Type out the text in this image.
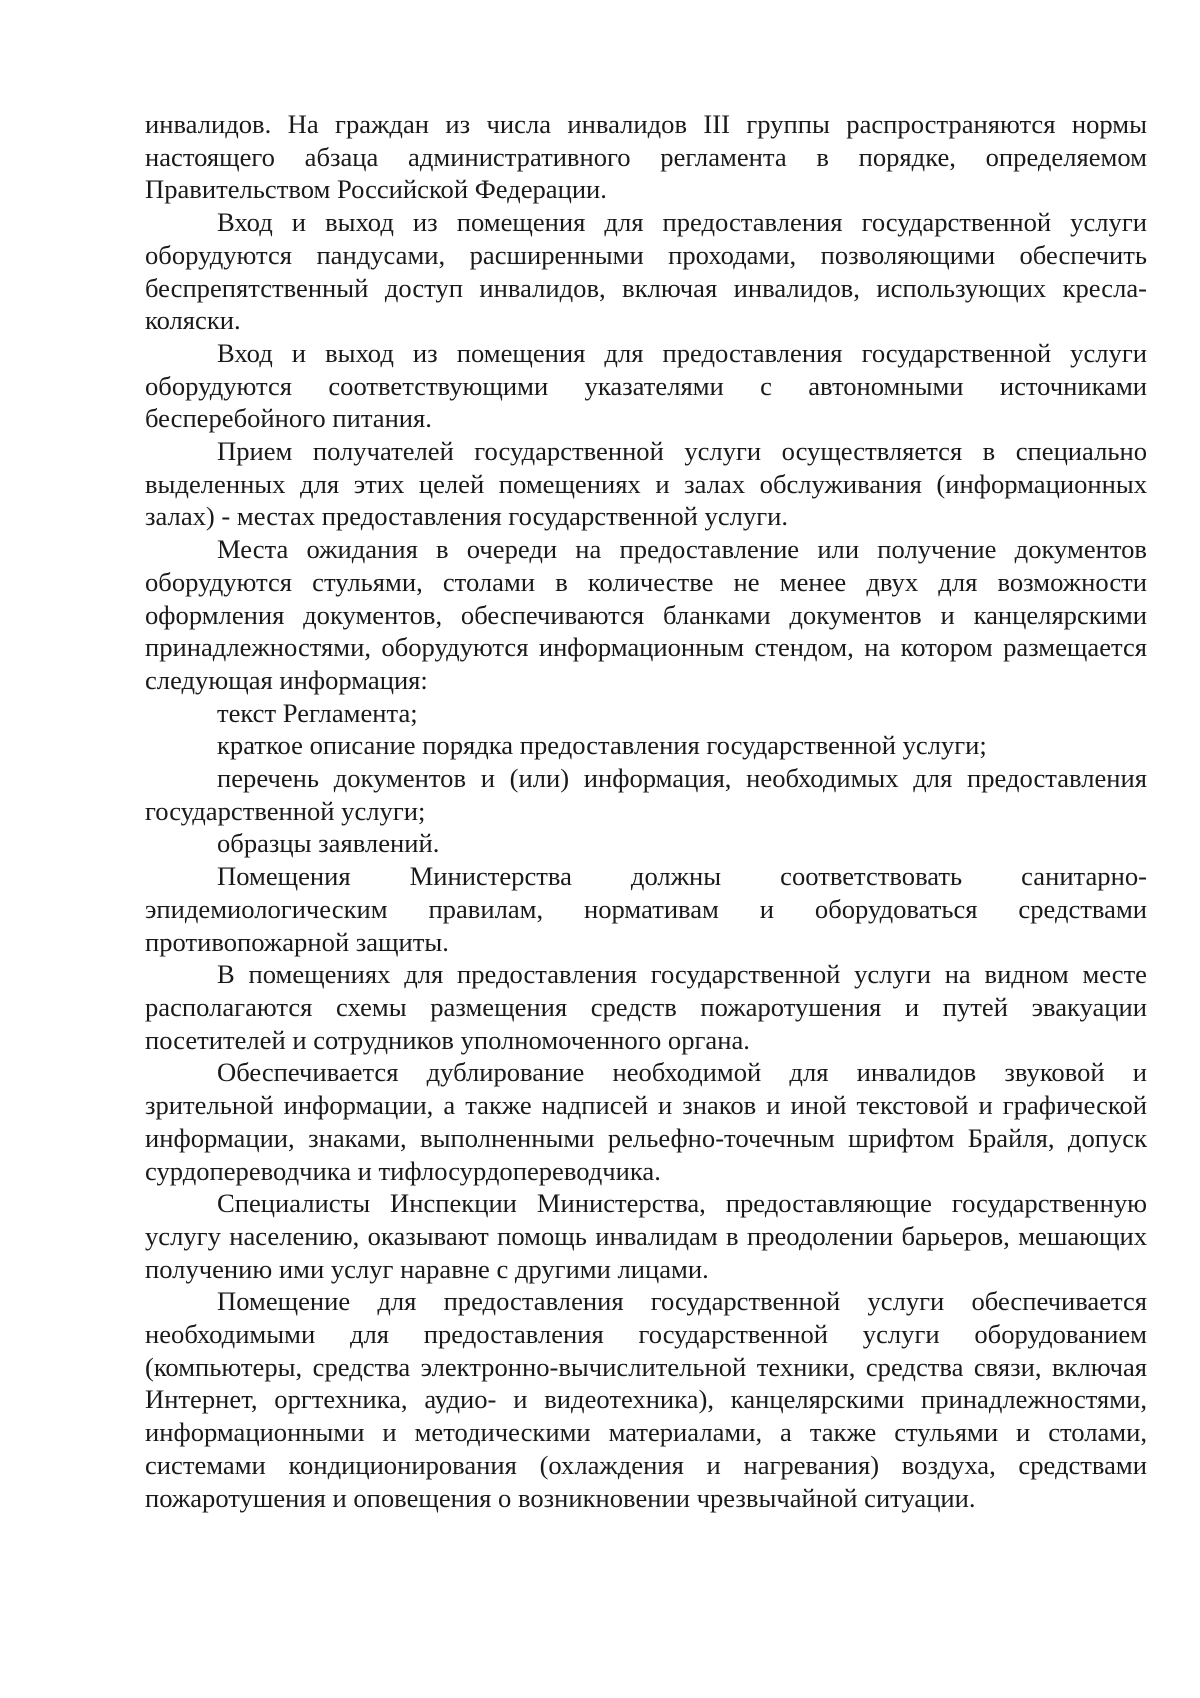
инвалидов. На граждан из числа инвалидов III группы распространяются нормы настоящего абзаца административного регламента в порядке, определяемом Правительством Российской Федерации.

Вход и выход из помещения для предоставления государственной услуги оборудуются пандусами, расширенными проходами, позволяющими обеспечить беспрепятственный доступ инвалидов, включая инвалидов, использующих кресла-коляски.

Вход и выход из помещения для предоставления государственной услуги оборудуются соответствующими указателями с автономными источниками бесперебойного питания.

Прием получателей государственной услуги осуществляется в специально выделенных для этих целей помещениях и залах обслуживания (информационных залах) - местах предоставления государственной услуги.

Места ожидания в очереди на предоставление или получение документов оборудуются стульями, столами в количестве не менее двух для возможности оформления документов, обеспечиваются бланками документов и канцелярскими принадлежностями, оборудуются информационным стендом, на котором размещается следующая информация:

текст Регламента;

краткое описание порядка предоставления государственной услуги;

перечень документов и (или) информация, необходимых для предоставления государственной услуги;

образцы заявлений.

Помещения Министерства должны соответствовать санитарно-эпидемиологическим правилам, нормативам и оборудоваться средствами противопожарной защиты.

В помещениях для предоставления государственной услуги на видном месте располагаются схемы размещения средств пожаротушения и путей эвакуации посетителей и сотрудников уполномоченного органа.

Обеспечивается дублирование необходимой для инвалидов звуковой и зрительной информации, а также надписей и знаков и иной текстовой и графической информации, знаками, выполненными рельефно-точечным шрифтом Брайля, допуск сурдопереводчика и тифлосурдопереводчика.

Специалисты Инспекции Министерства, предоставляющие государственную услугу населению, оказывают помощь инвалидам в преодолении барьеров, мешающих получению ими услуг наравне с другими лицами.

Помещение для предоставления государственной услуги обеспечивается необходимыми для предоставления государственной услуги оборудованием (компьютеры, средства электронно-вычислительной техники, средства связи, включая Интернет, оргтехника, аудио- и видеотехника), канцелярскими принадлежностями, информационными и методическими материалами, а также стульями и столами, системами кондиционирования (охлаждения и нагревания) воздуха, средствами пожаротушения и оповещения о возникновении чрезвычайной ситуации.
